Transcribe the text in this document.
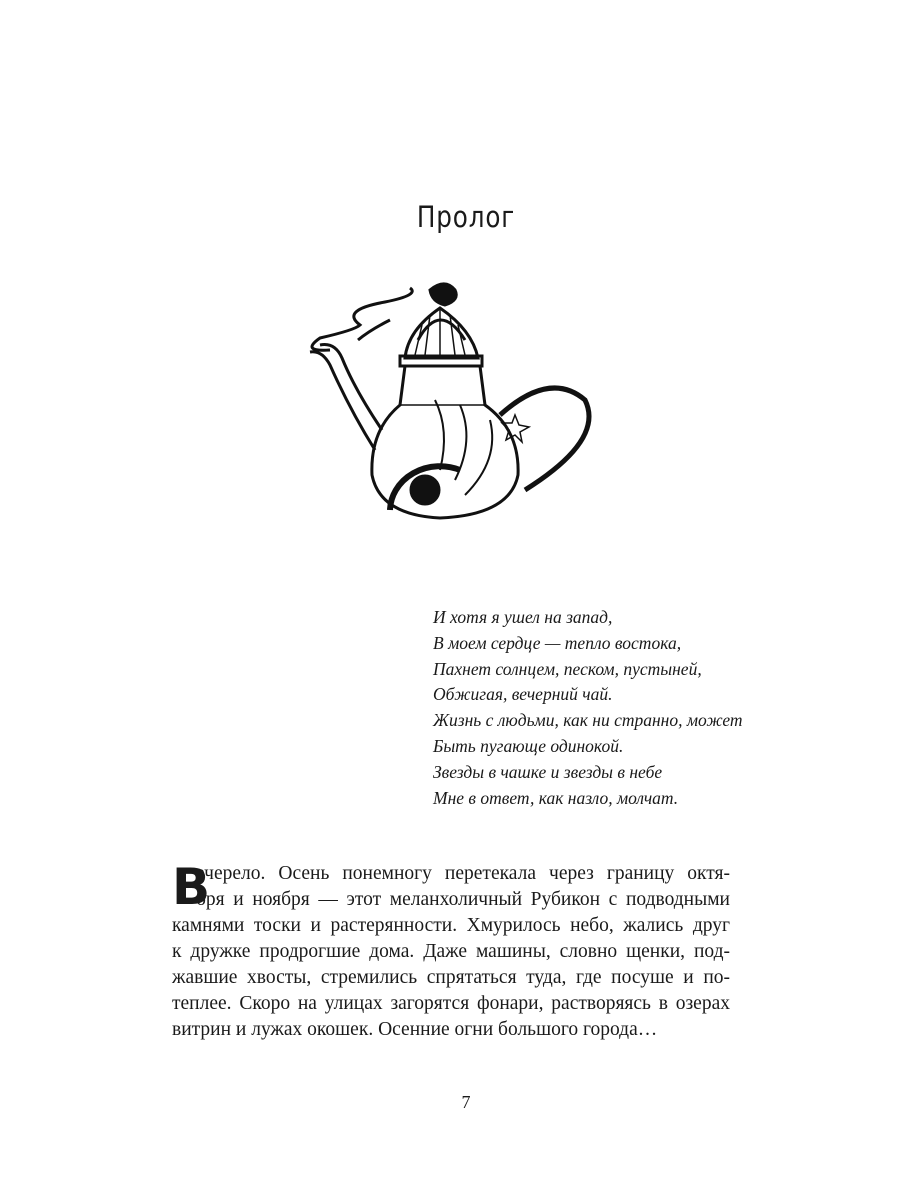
Пролог
И хотя я ушел на запад,
В моем сердце — тепло востока,
Пахнет солнцем, песком, пустыней,
Обжигая, вечерний чай.
Жизнь с людьми, как ни странно, может
Быть пугающе одинокой.
Звезды в чашке и звезды в небе
Мне в ответ, как назло, молчат.
В
ечерело. Осень понемногу перетекала через границу октя-
бря и ноября — этот меланхоличный Рубикон с подводными
камнями тоски и растерянности. Хмурилось небо, жались друг
к дружке продрогшие дома. Даже машины, словно щенки, под-
жавшие хвосты, стремились спрятаться туда, где посуше и по-
теплее. Скоро на улицах загорятся фонари, растворяясь в озерах
витрин и лужах окошек. Осенние огни большого города…
7
